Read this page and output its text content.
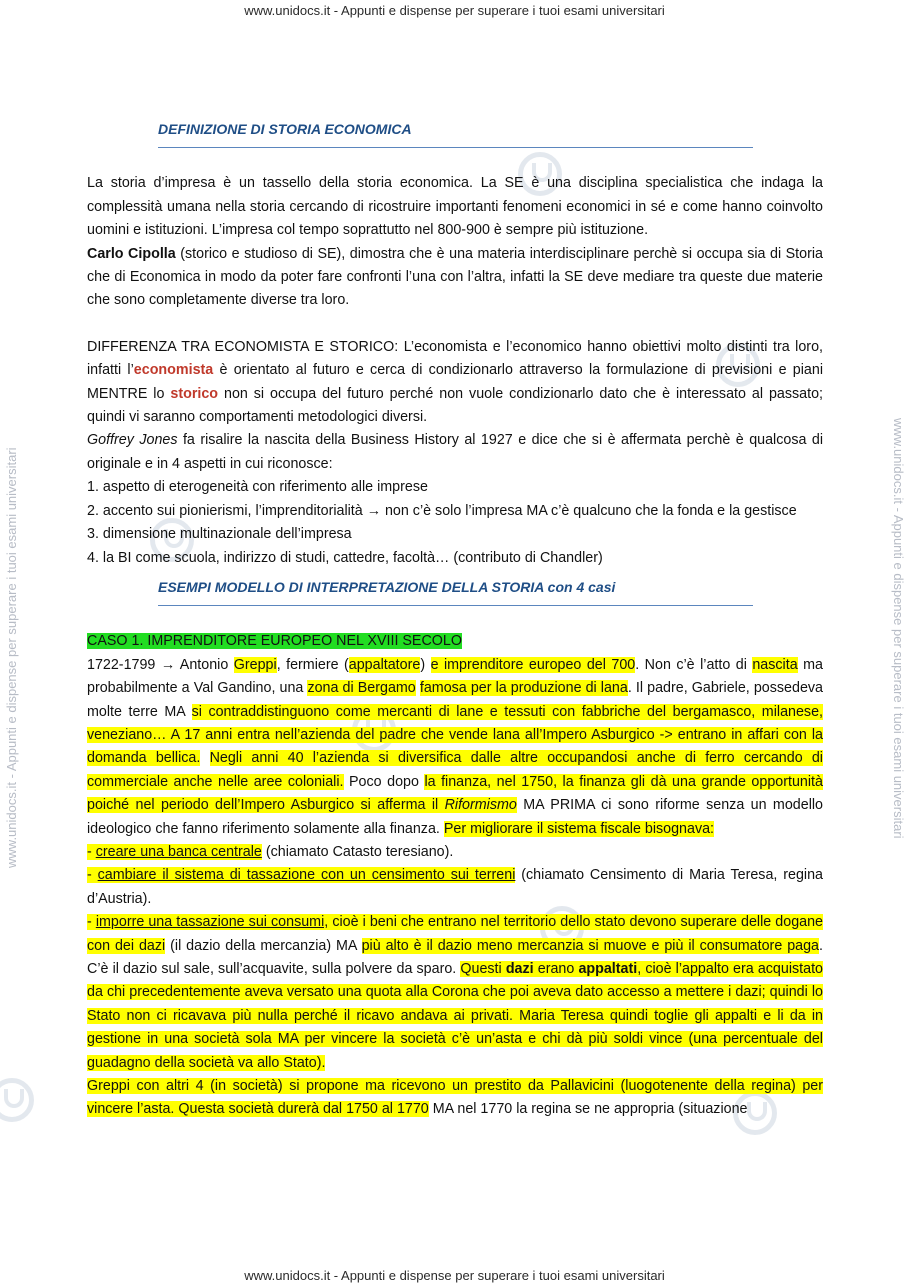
www.unidocs.it - Appunti e dispense per superare i tuoi esami universitari
www.unidocs.it - Appunti e dispense per superare i tuoi esami universitari
www.unidocs.it - Appunti e dispense per superare i tuoi esami universitari	www.unidocs.it - Appunti e dispense per superare i tuoi esami universitari
DEFINIZIONE DI STORIA ECONOMICA

La storia d’impresa è un tassello della storia economica. La SE è una disciplina specialistica che indaga la complessità umana nella storia cercando di ricostruire importanti fenomeni economici in sé e come hanno coinvolto uomini e istituzioni. L’impresa col tempo soprattutto nel 800-900 è sempre più istituzione.

Carlo Cipolla (storico e studioso di SE), dimostra che è una materia interdisciplinare perchè si occupa sia di Storia che di Economica in modo da poter fare confronti l’una con l’altra, infatti la SE deve mediare tra queste due materie che sono completamente diverse tra loro.

DIFFERENZA TRA ECONOMISTA E STORICO: L’economista e l’economico hanno obiettivi molto distinti tra loro, infatti l’economista è orientato al futuro e cerca di condizionarlo attraverso la formulazione di previsioni e piani MENTRE lo storico non si occupa del futuro perché non vuole condizionarlo dato che è interessato al passato; quindi vi saranno comportamenti metodologici diversi.

Goffrey Jones fa risalire la nascita della Business History al 1927 e dice che si è affermata perchè è qualcosa di originale e in 4 aspetti in cui riconosce:

1. aspetto di eterogeneità con riferimento alle imprese

2. accento sui pionierismi, l’imprenditorialità → non c’è solo l’impresa MA c’è qualcuno che la fonda e la gestisce

3. dimensione multinazionale dell’impresa

4. la BI come scuola, indirizzo di studi, cattedre, facoltà… (contributo di Chandler)

ESEMPI MODELLO DI INTERPRETAZIONE DELLA STORIA con 4 casi

CASO 1. IMPRENDITORE EUROPEO NEL XVIII SECOLO

1722-1799 → Antonio Greppi, fermiere (appaltatore) e imprenditore europeo del 700. Non c’è l’atto di nascita ma probabilmente a Val Gandino, una zona di Bergamo famosa per la produzione di lana. Il padre, Gabriele, possedeva molte terre MA si contraddistinguono come mercanti di lane e tessuti con fabbriche del bergamasco, milanese, veneziano… A 17 anni entra nell’azienda del padre che vende lana all’Impero Asburgico -> entrano in affari con la domanda bellica. Negli anni 40 l’azienda si diversifica dalle altre occupandosi anche di ferro cercando di commerciale anche nelle aree coloniali. Poco dopo la finanza, nel 1750, la finanza gli dà una grande opportunità poiché nel periodo dell’Impero Asburgico si afferma il Riformismo MA PRIMA ci sono riforme senza un modello ideologico che fanno riferimento solamente alla finanza. Per migliorare il sistema fiscale bisognava:

- creare una banca centrale (chiamato Catasto teresiano).

- cambiare il sistema di tassazione con un censimento sui terreni (chiamato Censimento di Maria Teresa, regina d’Austria).

- imporre una tassazione sui consumi, cioè i beni che entrano nel territorio dello stato devono superare delle dogane con dei dazi (il dazio della mercanzia) MA più alto è il dazio meno mercanzia si muove e più il consumatore paga. C’è il dazio sul sale, sull’acquavite, sulla polvere da sparo. Questi dazi erano appaltati, cioè l’appalto era acquistato da chi precedentemente aveva versato una quota alla Corona che poi aveva dato accesso a mettere i dazi; quindi lo Stato non ci ricavava più nulla perché il ricavo andava ai privati. Maria Teresa quindi toglie gli appalti e li da in gestione in una società sola MA per vincere la società c’è un’asta e chi dà più soldi vince (una percentuale del guadagno della società va allo Stato).

Greppi con altri 4 (in società) si propone ma ricevono un prestito da Pallavicini (luogotenente della regina) per vincere l’asta. Questa società durerà dal 1750 al 1770 MA nel 1770 la regina se ne appropria (situazione
